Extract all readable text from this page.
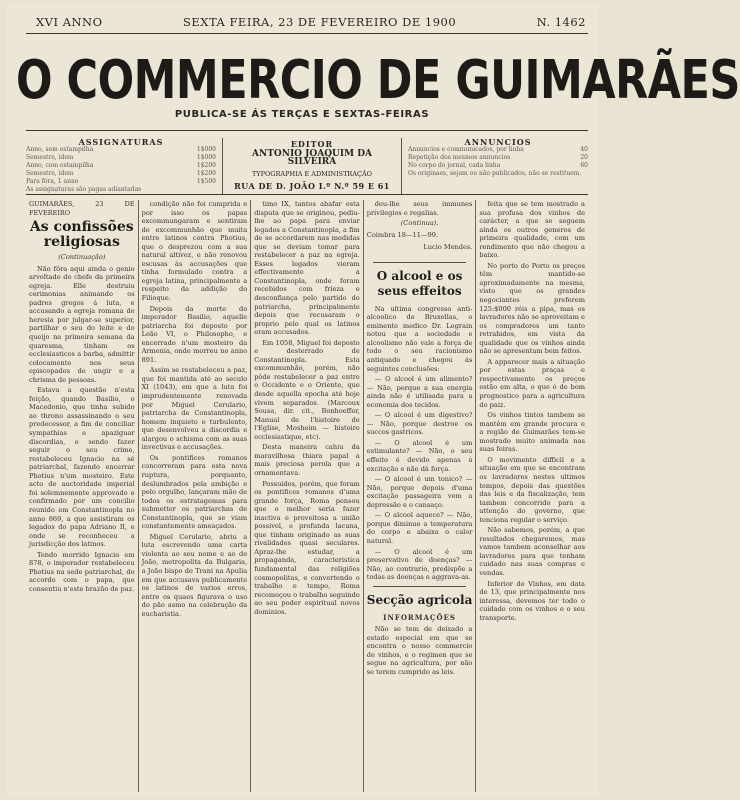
XVI ANNO	SEXTA FEIRA, 23 DE FEVEREIRO DE 1900	N. 1462
O COMMERCIO DE GUIMARÃES
PUBLICA-SE ÁS TERÇAS E SEXTAS-FEIRAS
ASSIGNATURAS
Anno, sem estampilha	1$000
Semestre, idem	1$000
Anno, com estampilha	1$200
Semestre, idem	1$200
Para fóra, 1 anno	1$500
As assignaturas são pagas adiantadas
EDITOR
ANTONIO JOAQUIM DA SILVEIRA
TYPOGRAPHIA E ADMINISTRAÇÃO
RUA DE D. JOÃO I.º N.º 59 E 61
ANNUNCIOS
Annuncios e communicados, por linha	40
Repetição dos mesmos annuncios	20
No corpo do jornal, cada linha	60
Os originaes, sejam ou não publicados, não se restituem.
GUIMARÃES, 23 DE FEVEREIRO
As confissões religiosas
(Continuação)

Não fôra aqui ainda o genio arvoltado do chefe da primeira egreja. Elle destruiu cerimonias animando os padres gregos á luta, e accusando a egreja romana de heresia por julgar-se superior, partilhar o seu do leite e do queijo na primeira semana da quaresma, tinham os ecclesiasticos a barba, admittir colocamente nos seus episcopados de ungir e a chrisma de pessoas.

Estava a questão n'esta feição, quando Basilio, o Macedonio, que tinha subido ao throno assassinando o seu predecessor, a fim de conciliar sympathias e apaziguar discordias, e sendo fazer seguir o seu crime, restabeleceu Ignacio na sé patriarchal, fazendo encerrar Photius n'um mosteiro. Este acto de auctoridade imperial foi solemnemente approvado e confirmado por um concilio reunido em Constantinopla no anno 869, a que assistiram os legados do papa Adriano II, e onde se reconheceu a jurisdicção dos latinos.

Tendo morrido Ignacio em 878, o imperador restabeleceu Photius na sede patriarchal, do accordo com o papa, que consentiu n'este brazão de paz.

condição não foi cumprida e por isso os papas excommungaram e sentiram de excommunhão que muita entre latinos contra Photius, que o desprezou com a sua natural altivez, e não renovou escusas ás accusações que tinha formulado contra a egreja latina, principalmente a respeito da addição do Filioque.

Depois da morte do imperador Basilio, aquelle patriarcha foi deposto por Leão VI, o Philosopho, e encerrado n'um mosteiro da Armenia, onde morreu no anno 891.

Assim se restabeleceu a paz, que foi mantida até ao seculo XI (1043), em que a luta foi imprudentemente renovada por Miguel Cerulario, patriarcha de Constantinopla, homem inquieto e turbulento, que desenvolveu a discordia e alargou o schisma com as suas invectivas e accusações.

Os pontifices romanos concorreram para esta nova ruptura, porquanto, deslumbrados pela ambição e pelo orgulho, lançaram mão de todos os estratagemas para submetter os patriarchas de Constantinopla, que se viam constantemente ameaçados.

Miguel Cerulario, abriu a luta escrevendo uma carta violenta ao seu nome e ao de João, metropolita da Bulgaria, a João bispo de Trani na Apulia em que accusava publicamente os latinos de varios erros, entre os quaes figurava o uso do pão asmo na celebração da eucharistia.

timo IX, tantos abafar esta disputa que se originou, pediu-lhe ao papa para enviar legados a Constantinopla, a fim de se accordarem nas medidas que se deviam tomar para restabelecer a paz na egreja. Esses legados vieram effectivamente a Constantinopla, onde foram recebidos com frieza e desconfiança pelo partido do patriarcha, principalmente depois que recusaram o proprio pelo qual os latinos eram accusados.

Em 1058, Miguel foi deposto e desterrado de Constantinopla. Esta excommunhão, porém, não pôde restabelecer a paz entre o Occidente e o Oriente, que desde aquella epocha até hoje vivem separados. (Marcoux Sousa, dir. cit., Bonhoeffer, Manual de l'histoire de l'Eglise, Mosheim — histoire ecclesiastique, etc).

Desta maneira cahiu da maravilhosa thiara papal a mais preciosa perola que a ornamentava.

Possuidos, porém, que foram os pontifices romanos d'uma grande força, Roma pensou que o melhor seria fazer inactiva e proveitosa a união possivel, e profunda lacuna, que tinham originado as suas rivalidades quasi seculares. Apraz-lhe estudar, a propaganda, caracteristica fundamental das religiões cosmopolitas, e convertendo o trabalho e tempo, Roma recomeçou o trabalho seguindo ao seu poder espiritual novos dominios.

deu-lhe seus immunes privilegios e regalias.

(Continua).
Coimbra 18—11—99.
Lucio Mendes.
O alcool e os seus effeitos

Na ultima congresso anti-alcoolico de Bruxellas, o eminente medico Dr. Legrain notou que a sociedade e alcoolismo não vale a força de todo o seu racionismo antiquado e chegou ás seguintes conclusões:

— O alcool é um alimento? — Não, porque a sua energia ainda não é utilisada para a economia dos tecidos.

— O alcool é um digestivo? — Não, porque destroe os succos gastricos.

— O alcool é um estimulante? — Não, o seu effeito é devido apenas á excitação e não dá força.

— O alcool é um tonico? — Não, porque depois d'uma excitação passageira vem a depressão e o cansaço.

— O alcool aquece? — Não, porque diminue a temperatura do corpo e abaixa o calor natural.

— O alcool é um preservativo de doenças? — Não, ao contrario, predispõe a todas as doenças e aggrava-as.

Secção agricola
INFORMAÇÕES

Não se tem de deixado a estado especial em que se encontra o nosso commercio de vinhos, e o regimen que se segue na agricultura, por não se terem cumprido as leis.

feita que se tem mostrado a sua profusa dos vinhos de carácter, a que se seguem ainda os outros generos de primeira qualidade, com um rendimento que não chegou a baixo.

No porto do Porto os preços têm mantido-se aproximadamente na mesma, visto que os grandes negociantes preferem 125:$000 réis a pipa, mas os lavradores não se aproveitam e os compradores um tanto retrahidos, em vista da qualidade que os vinhos ainda não se apresentam bem feitos.

A apparecer mais a situação por estas praças e respectivamente os preços estão em alta, o que é de bom prognostico para a agricultura do paiz.

Os vinhos tintos tambem se mantêm em grande procura e a região de Guimarães tem-se mostrado muito animada nas suas feiras.

O movimento difficil e a situação em que se encontram os lavradores nestes ultimos tempos, depois das questões das leis e da fiscalização, tem tambem concorrido para a attenção do governo, que tenciona regular o serviço.

Não sabemos, porém, a que resultados chegaremos, mas vamos tambem aconselhar aos lavradores para que tenham cuidado nas suas compras e vendas.

Inferior de Vinhos, em data de 13, que principalmente nos interessa, devemos ter todo o cuidado com os vinhos e o seu transporte.
